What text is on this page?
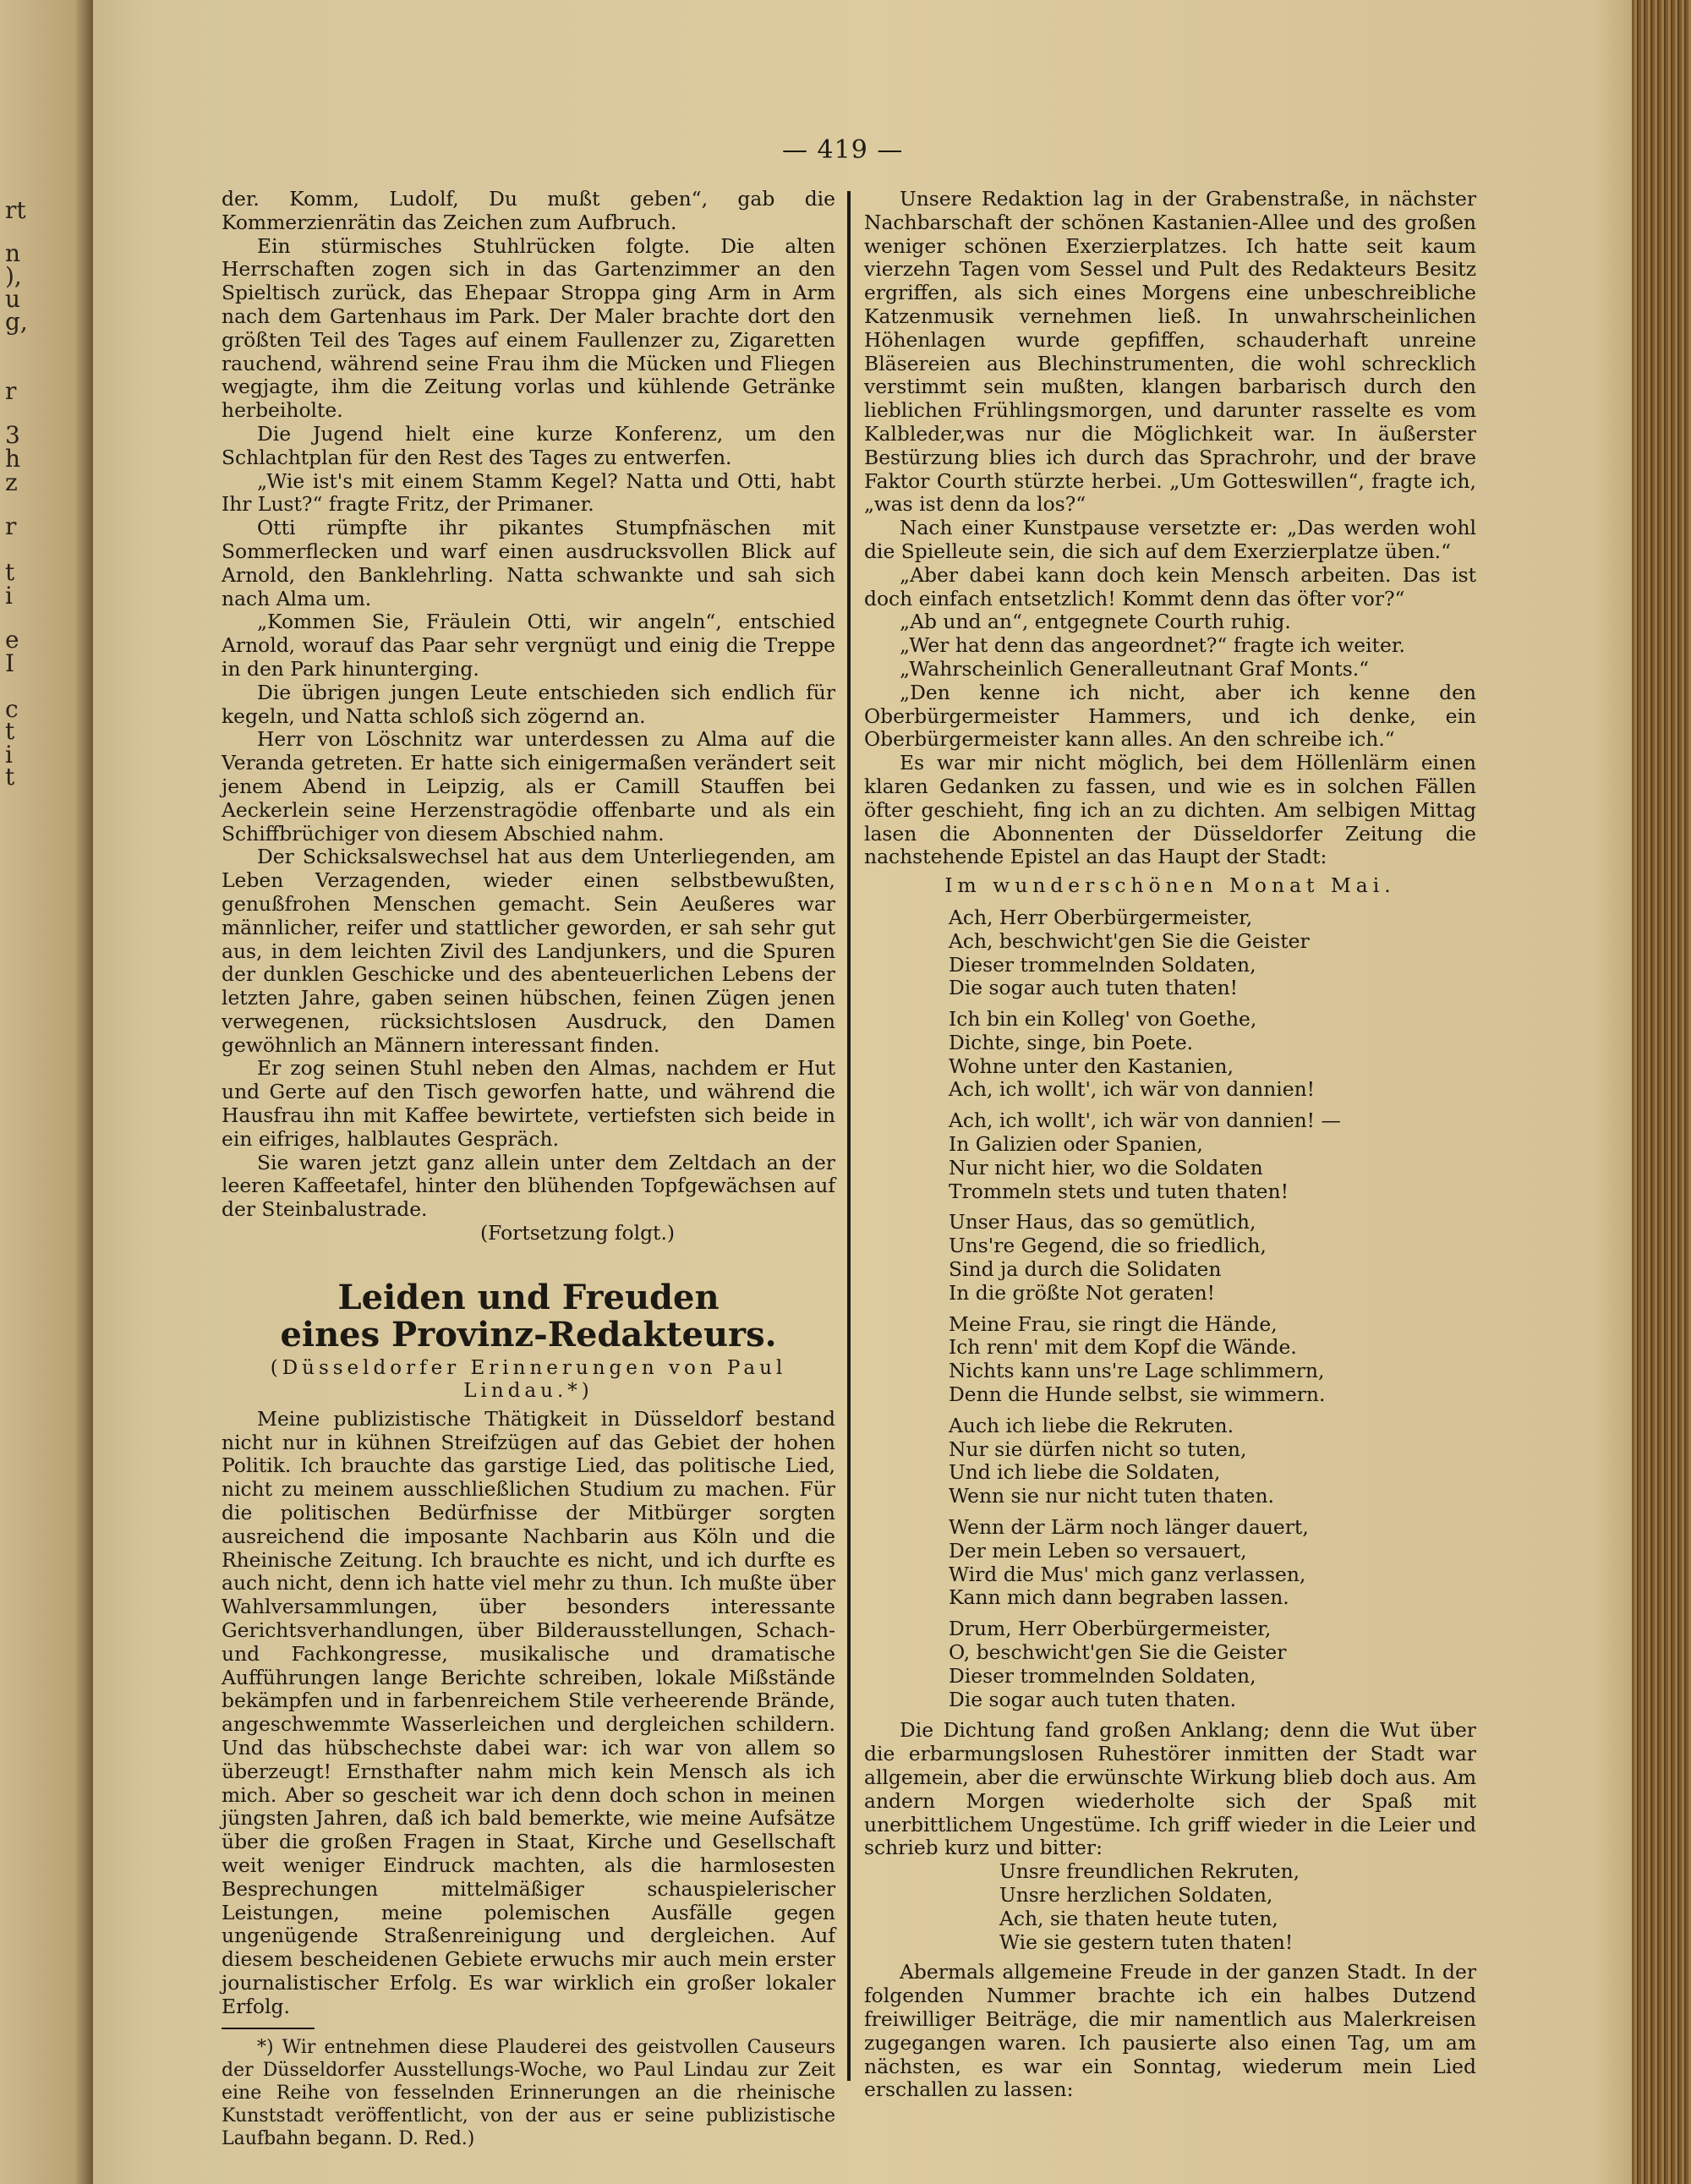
rt
n
),
u
g,
r
3
h
z
r
t
i
e
I
c
t
i
t
— 419 —

der. Komm, Ludolf, Du mußt geben“, gab die Kommerzienrätin das Zeichen zum Aufbruch.

Ein stürmisches Stuhlrücken folgte. Die alten Herrschaften zogen sich in das Gartenzimmer an den Spieltisch zurück, das Ehepaar Stroppa ging Arm in Arm nach dem Gartenhaus im Park. Der Maler brachte dort den größten Teil des Tages auf einem Faullenzer zu, Zigaretten rauchend, während seine Frau ihm die Mücken und Fliegen wegjagte, ihm die Zeitung vorlas und kühlende Getränke herbeiholte.

Die Jugend hielt eine kurze Konferenz, um den Schlachtplan für den Rest des Tages zu entwerfen.

„Wie ist's mit einem Stamm Kegel? Natta und Otti, habt Ihr Lust?“ fragte Fritz, der Primaner.

Otti rümpfte ihr pikantes Stumpfnäschen mit Sommerflecken und warf einen ausdrucksvollen Blick auf Arnold, den Banklehrling. Natta schwankte und sah sich nach Alma um.

„Kommen Sie, Fräulein Otti, wir angeln“, entschied Arnold, worauf das Paar sehr vergnügt und einig die Treppe in den Park hinunterging.

Die übrigen jungen Leute entschieden sich endlich für kegeln, und Natta schloß sich zögernd an.

Herr von Löschnitz war unterdessen zu Alma auf die Veranda getreten. Er hatte sich einigermaßen verändert seit jenem Abend in Leipzig, als er Camill Stauffen bei Aeckerlein seine Herzenstragödie offenbarte und als ein Schiffbrüchiger von diesem Abschied nahm.

Der Schicksalswechsel hat aus dem Unterliegenden, am Leben Verzagenden, wieder einen selbstbewußten, genußfrohen Menschen gemacht. Sein Aeußeres war männlicher, reifer und stattlicher geworden, er sah sehr gut aus, in dem leichten Zivil des Landjunkers, und die Spuren der dunklen Geschicke und des abenteuerlichen Lebens der letzten Jahre, gaben seinen hübschen, feinen Zügen jenen verwegenen, rücksichtslosen Ausdruck, den Damen gewöhnlich an Männern interessant finden.

Er zog seinen Stuhl neben den Almas, nachdem er Hut und Gerte auf den Tisch geworfen hatte, und während die Hausfrau ihn mit Kaffee bewirtete, vertiefsten sich beide in ein eifriges, halblautes Gespräch.

Sie waren jetzt ganz allein unter dem Zeltdach an der leeren Kaffeetafel, hinter den blühenden Topfgewächsen auf der Steinbalustrade.

(Fortsetzung folgt.)

Leiden und Freuden
eines Provinz-Redakteurs.
(Düsseldorfer Erinnerungen von Paul Lindau.*)

Meine publizistische Thätigkeit in Düsseldorf bestand nicht nur in kühnen Streifzügen auf das Gebiet der hohen Politik. Ich brauchte das garstige Lied, das politische Lied, nicht zu meinem ausschließlichen Studium zu machen. Für die politischen Bedürfnisse der Mitbürger sorgten ausreichend die imposante Nachbarin aus Köln und die Rheinische Zeitung. Ich brauchte es nicht, und ich durfte es auch nicht, denn ich hatte viel mehr zu thun. Ich mußte über Wahlversammlungen, über besonders interessante Gerichtsverhandlungen, über Bilderausstellungen, Schach- und Fachkongresse, musikalische und dramatische Aufführungen lange Berichte schreiben, lokale Mißstände bekämpfen und in farbenreichem Stile verheerende Brände, angeschwemmte Wasserleichen und dergleichen schildern. Und das hübschechste dabei war: ich war von allem so überzeugt! Ernsthafter nahm mich kein Mensch als ich mich. Aber so gescheit war ich denn doch schon in meinen jüngsten Jahren, daß ich bald bemerkte, wie meine Aufsätze über die großen Fragen in Staat, Kirche und Gesellschaft weit weniger Eindruck machten, als die harmlosesten Besprechungen mittelmäßiger schauspielerischer Leistungen, meine polemischen Ausfälle gegen ungenügende Straßenreinigung und dergleichen. Auf diesem bescheidenen Gebiete erwuchs mir auch mein erster journalistischer Erfolg. Es war wirklich ein großer lokaler Erfolg.

*) Wir entnehmen diese Plauderei des geistvollen Causeurs der Düsseldorfer Ausstellungs-Woche, wo Paul Lindau zur Zeit eine Reihe von fesselnden Erinnerungen an die rheinische Kunststadt veröffentlicht, von der aus er seine publizistische Laufbahn begann. D. Red.)

Unsere Redaktion lag in der Grabenstraße, in nächster Nachbarschaft der schönen Kastanien-Allee und des großen weniger schönen Exerzierplatzes. Ich hatte seit kaum vierzehn Tagen vom Sessel und Pult des Redakteurs Besitz ergriffen, als sich eines Morgens eine unbeschreibliche Katzenmusik vernehmen ließ. In unwahrscheinlichen Höhenlagen wurde gepfiffen, schauderhaft unreine Bläsereien aus Blechinstrumenten, die wohl schrecklich verstimmt sein mußten, klangen barbarisch durch den lieblichen Frühlingsmorgen, und darunter rasselte es vom Kalbleder,was nur die Möglichkeit war. In äußerster Bestürzung blies ich durch das Sprachrohr, und der brave Faktor Courth stürzte herbei. „Um Gotteswillen“, fragte ich, „was ist denn da los?“

Nach einer Kunstpause versetzte er: „Das werden wohl die Spielleute sein, die sich auf dem Exerzierplatze üben.“

„Aber dabei kann doch kein Mensch arbeiten. Das ist doch einfach entsetzlich! Kommt denn das öfter vor?“

„Ab und an“, entgegnete Courth ruhig.

„Wer hat denn das angeordnet?“ fragte ich weiter.

„Wahrscheinlich Generalleutnant Graf Monts.“

„Den kenne ich nicht, aber ich kenne den Oberbürgermeister Hammers, und ich denke, ein Oberbürgermeister kann alles. An den schreibe ich.“

Es war mir nicht möglich, bei dem Höllenlärm einen klaren Gedanken zu fassen, und wie es in solchen Fällen öfter geschieht, fing ich an zu dichten. Am selbigen Mittag lasen die Abonnenten der Düsseldorfer Zeitung die nachstehende Epistel an das Haupt der Stadt:

Im wunderschönen Monat Mai.
Ach, Herr Oberbürgermeister,
Ach, beschwicht'gen Sie die Geister
Dieser trommelnden Soldaten,
Die sogar auch tuten thaten!
Ich bin ein Kolleg' von Goethe,
Dichte, singe, bin Poete.
Wohne unter den Kastanien,
Ach, ich wollt', ich wär von dannien!
Ach, ich wollt', ich wär von dannien! —
In Galizien oder Spanien,
Nur nicht hier, wo die Soldaten
Trommeln stets und tuten thaten!
Unser Haus, das so gemütlich,
Uns're Gegend, die so friedlich,
Sind ja durch die Solidaten
In die größte Not geraten!
Meine Frau, sie ringt die Hände,
Ich renn' mit dem Kopf die Wände.
Nichts kann uns're Lage schlimmern,
Denn die Hunde selbst, sie wimmern.
Auch ich liebe die Rekruten.
Nur sie dürfen nicht so tuten,
Und ich liebe die Soldaten,
Wenn sie nur nicht tuten thaten.
Wenn der Lärm noch länger dauert,
Der mein Leben so versauert,
Wird die Mus' mich ganz verlassen,
Kann mich dann begraben lassen.
Drum, Herr Oberbürgermeister,
O, beschwicht'gen Sie die Geister
Dieser trommelnden Soldaten,
Die sogar auch tuten thaten.

Die Dichtung fand großen Anklang; denn die Wut über die erbarmungslosen Ruhestörer inmitten der Stadt war allgemein, aber die erwünschte Wirkung blieb doch aus. Am andern Morgen wiederholte sich der Spaß mit unerbittlichem Ungestüme. Ich griff wieder in die Leier und schrieb kurz und bitter:

Unsre freundlichen Rekruten,
Unsre herzlichen Soldaten,
Ach, sie thaten heute tuten,
Wie sie gestern tuten thaten!

Abermals allgemeine Freude in der ganzen Stadt. In der folgenden Nummer brachte ich ein halbes Dutzend freiwilliger Beiträge, die mir namentlich aus Malerkreisen zugegangen waren. Ich pausierte also einen Tag, um am nächsten, es war ein Sonntag, wiederum mein Lied erschallen zu lassen:
